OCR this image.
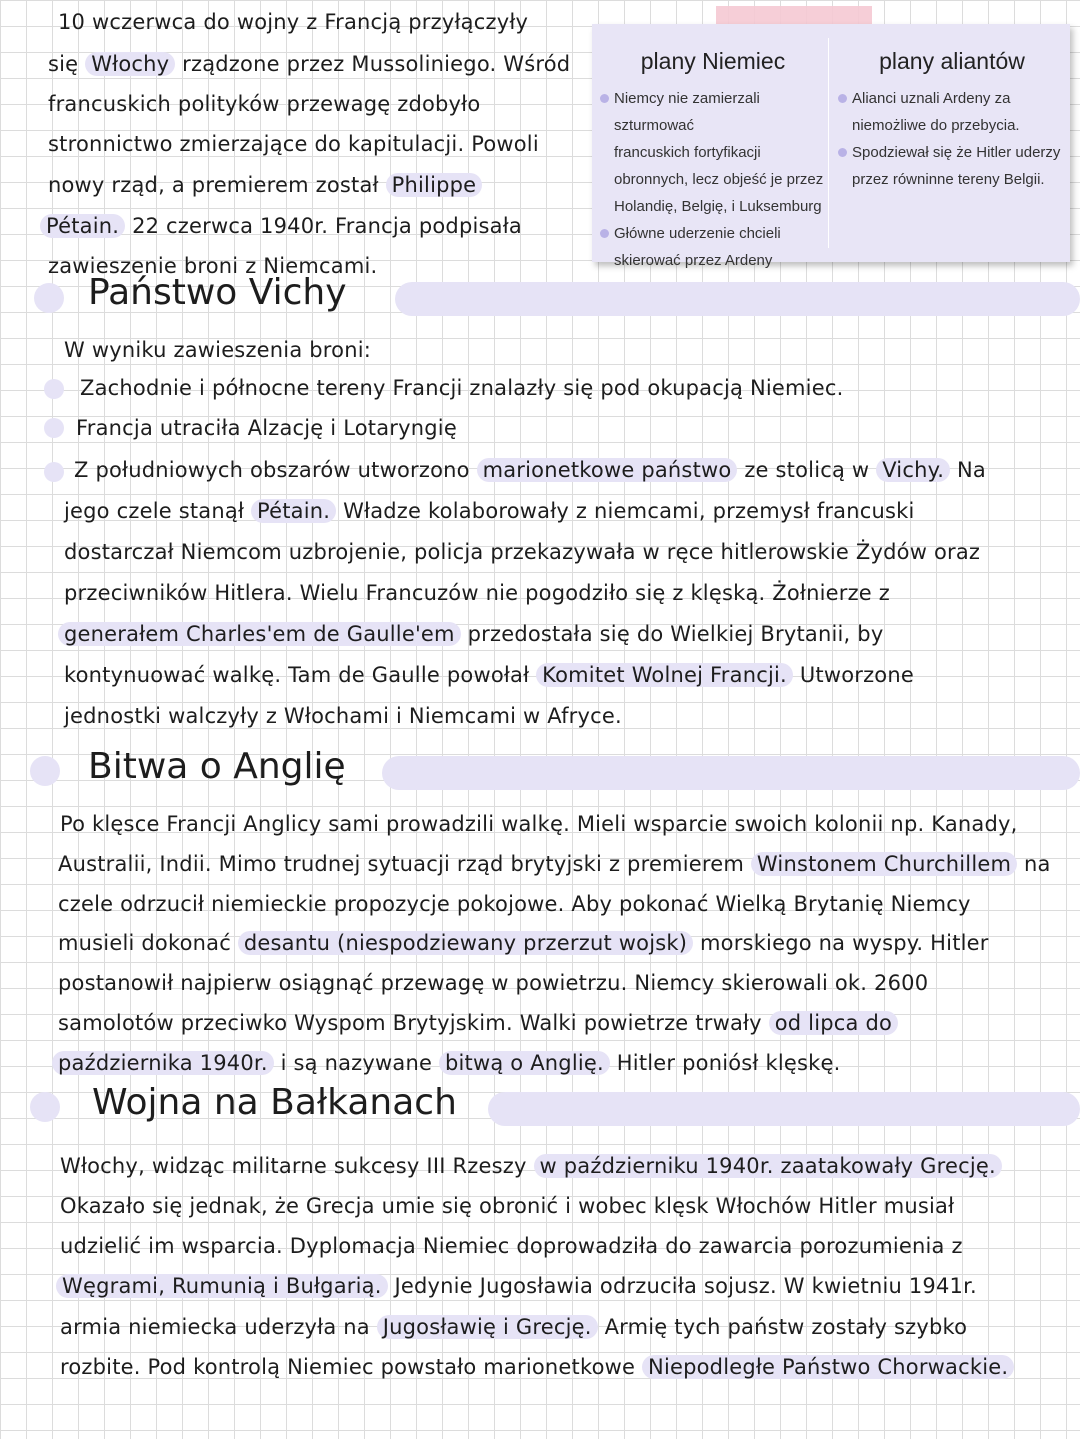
plany Niemiec
Niemcy nie zamierzali szturmować
francuskich fortyfikacji
obronnych, lecz objeść je przez
Holandię, Belgię, i Luksemburg
Główne uderzenie chcieli
skierować przez Ardeny
plany aliantów
Alianci uznali Ardeny za
niemożliwe do przebycia.
Spodziewał się że Hitler uderzy
przez równinne tereny Belgii.
10 wczerwca do wojny z Francją przyłączyły
się Włochy rządzone przez Mussoliniego. Wśród
francuskich polityków przewagę zdobyło
stronnictwo zmierzające do kapitulacji. Powoli
nowy rząd, a premierem został Philippe
Pétain. 22 czerwca 1940r. Francja podpisała
zawieszenie broni z Niemcami.
Państwo Vichy
W wyniku zawieszenia broni:
Zachodnie i północne tereny Francji znalazły się pod okupacją Niemiec.
Francja utraciła Alzację i Lotaryngię
Z południowych obszarów utworzono marionetkowe państwo ze stolicą w Vichy. Na
jego czele stanął Pétain. Władze kolaborowały z niemcami, przemysł francuski
dostarczał Niemcom uzbrojenie, policja przekazywała w ręce hitlerowskie Żydów oraz
przeciwników Hitlera. Wielu Francuzów nie pogodziło się z klęską. Żołnierze z
generałem Charles'em de Gaulle'em przedostała się do Wielkiej Brytanii, by
kontynuować walkę. Tam de Gaulle powołał Komitet Wolnej Francji. Utworzone
jednostki walczyły z Włochami i Niemcami w Afryce.
Bitwa o Anglię
Po klęsce Francji Anglicy sami prowadzili walkę. Mieli wsparcie swoich kolonii np. Kanady,
Australii, Indii. Mimo trudnej sytuacji rząd brytyjski z premierem Winstonem Churchillem na
czele odrzucił niemieckie propozycje pokojowe. Aby pokonać Wielką Brytanię Niemcy
musieli dokonać desantu (niespodziewany przerzut wojsk) morskiego na wyspy. Hitler
postanowił najpierw osiągnąć przewagę w powietrzu. Niemcy skierowali ok. 2600
samolotów przeciwko Wyspom Brytyjskim. Walki powietrze trwały od lipca do
października 1940r. i są nazywane bitwą o Anglię. Hitler poniósł klęskę.
Wojna na Bałkanach
Włochy, widząc militarne sukcesy III Rzeszy w październiku 1940r. zaatakowały Grecję.
Okazało się jednak, że Grecja umie się obronić i wobec klęsk Włochów Hitler musiał
udzielić im wsparcia. Dyplomacja Niemiec doprowadziła do zawarcia porozumienia z
Węgrami, Rumunią i Bułgarią. Jedynie Jugosławia odrzuciła sojusz. W kwietniu 1941r.
armia niemiecka uderzyła na Jugosławię i Grecję. Armię tych państw zostały szybko
rozbite. Pod kontrolą Niemiec powstało marionetkowe Niepodległe Państwo Chorwackie.
